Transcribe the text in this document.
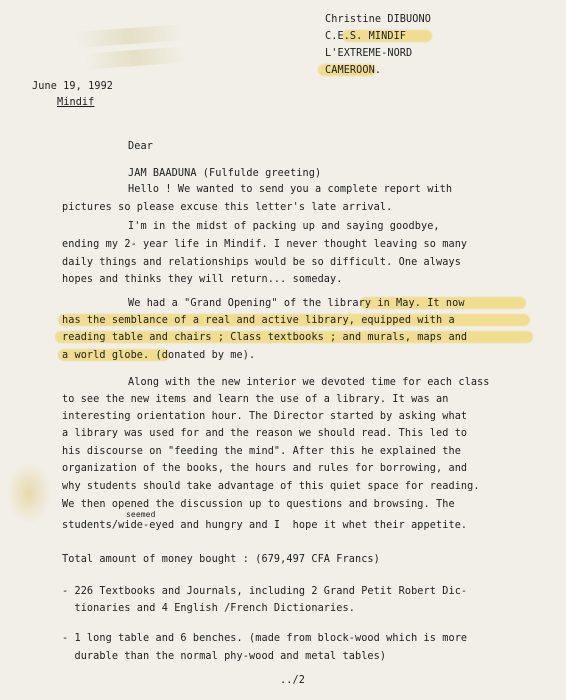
Christine DIBUONO
C.E.S. MINDIF
L'EXTREME-NORD
CAMEROON.
June 19, 1992
Mindif
Dear
JAM BAADUNA (Fulfulde greeting)
Hello ! We wanted to send you a complete report with
pictures so please excuse this letter's late arrival.
I'm in the midst of packing up and saying goodbye,
ending my 2- year life in Mindif. I never thought leaving so many
daily things and relationships would be so difficult. One always
hopes and thinks they will return... someday.
We had a "Grand Opening" of the library in May. It now
has the semblance of a real and active library, equipped with a
reading table and chairs ; Class textbooks ; and murals, maps and
a world globe. (donated by me).
Along with the new interior we devoted time for each class
to see the new items and learn the use of a library. It was an
interesting orientation hour. The Director started by asking what
a library was used for and the reason we should read. This led to
his discourse on "feeding the mind". After this he explained the
organization of the books, the hours and rules for borrowing, and
why students should take advantage of this quiet space for reading.
We then opened the discussion up to questions and browsing. The
seemed
students/wide-eyed and hungry and I  hope it whet their appetite.
Total amount of money bought : (679,497 CFA Francs)
- 226 Textbooks and Journals, including 2 Grand Petit Robert Dic-
tionaries and 4 English /French Dictionaries.
- 1 long table and 6 benches. (made from block-wood which is more
durable than the normal phy-wood and metal tables)
../2
